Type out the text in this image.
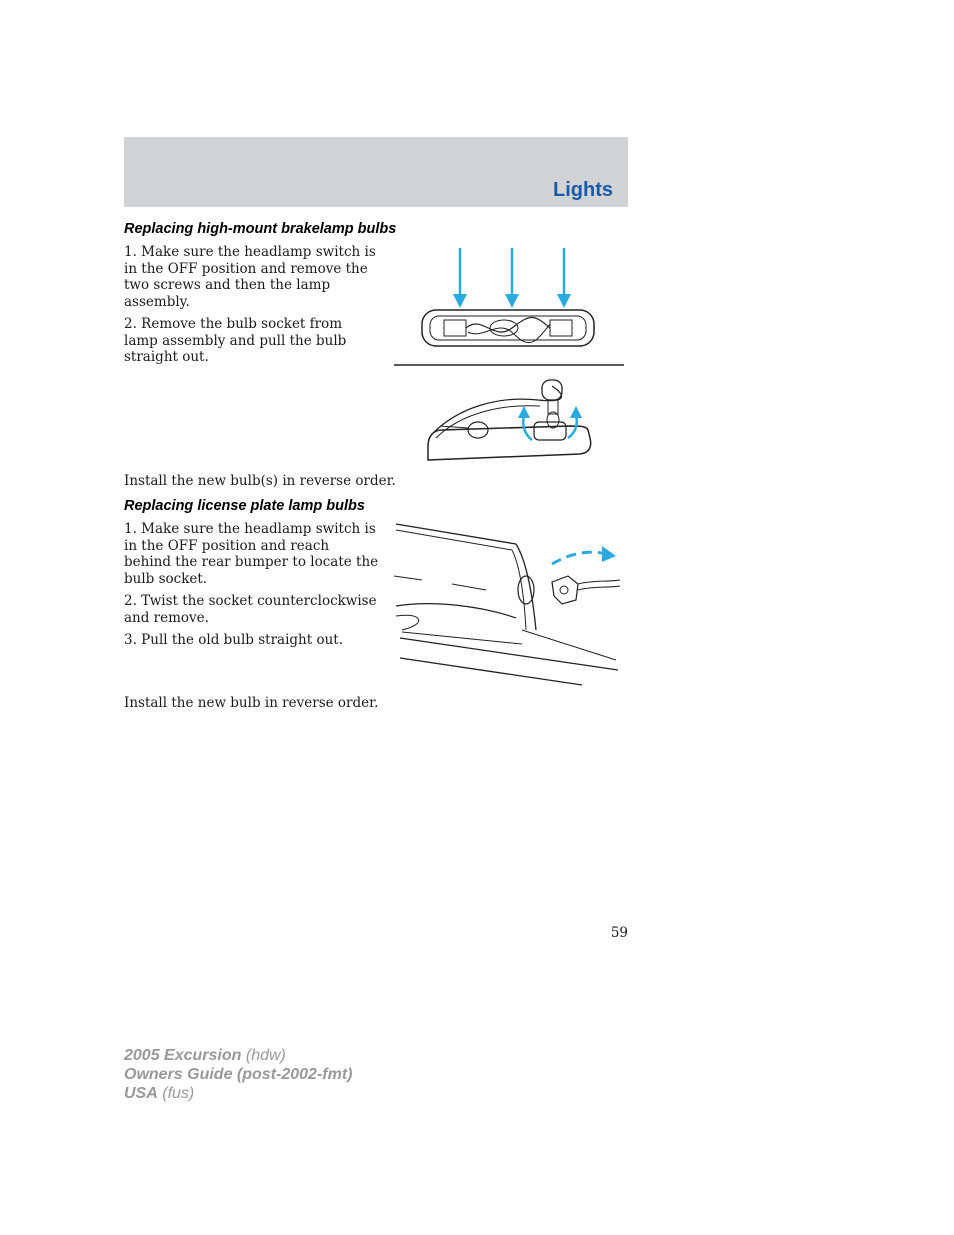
Lights
Replacing high-mount brakelamp bulbs

1. Make sure the headlamp switch is in the OFF position and remove the two screws and then the lamp assembly.

2. Remove the bulb socket from lamp assembly and pull the bulb straight out.

Install the new bulb(s) in reverse order.

Replacing license plate lamp bulbs

1. Make sure the headlamp switch is in the OFF position and reach behind the rear bumper to locate the bulb socket.

2. Twist the socket counterclockwise and remove.

3. Pull the old bulb straight out.

Install the new bulb in reverse order.

59
2005 Excursion (hdw)
Owners Guide (post-2002-fmt)
USA (fus)
